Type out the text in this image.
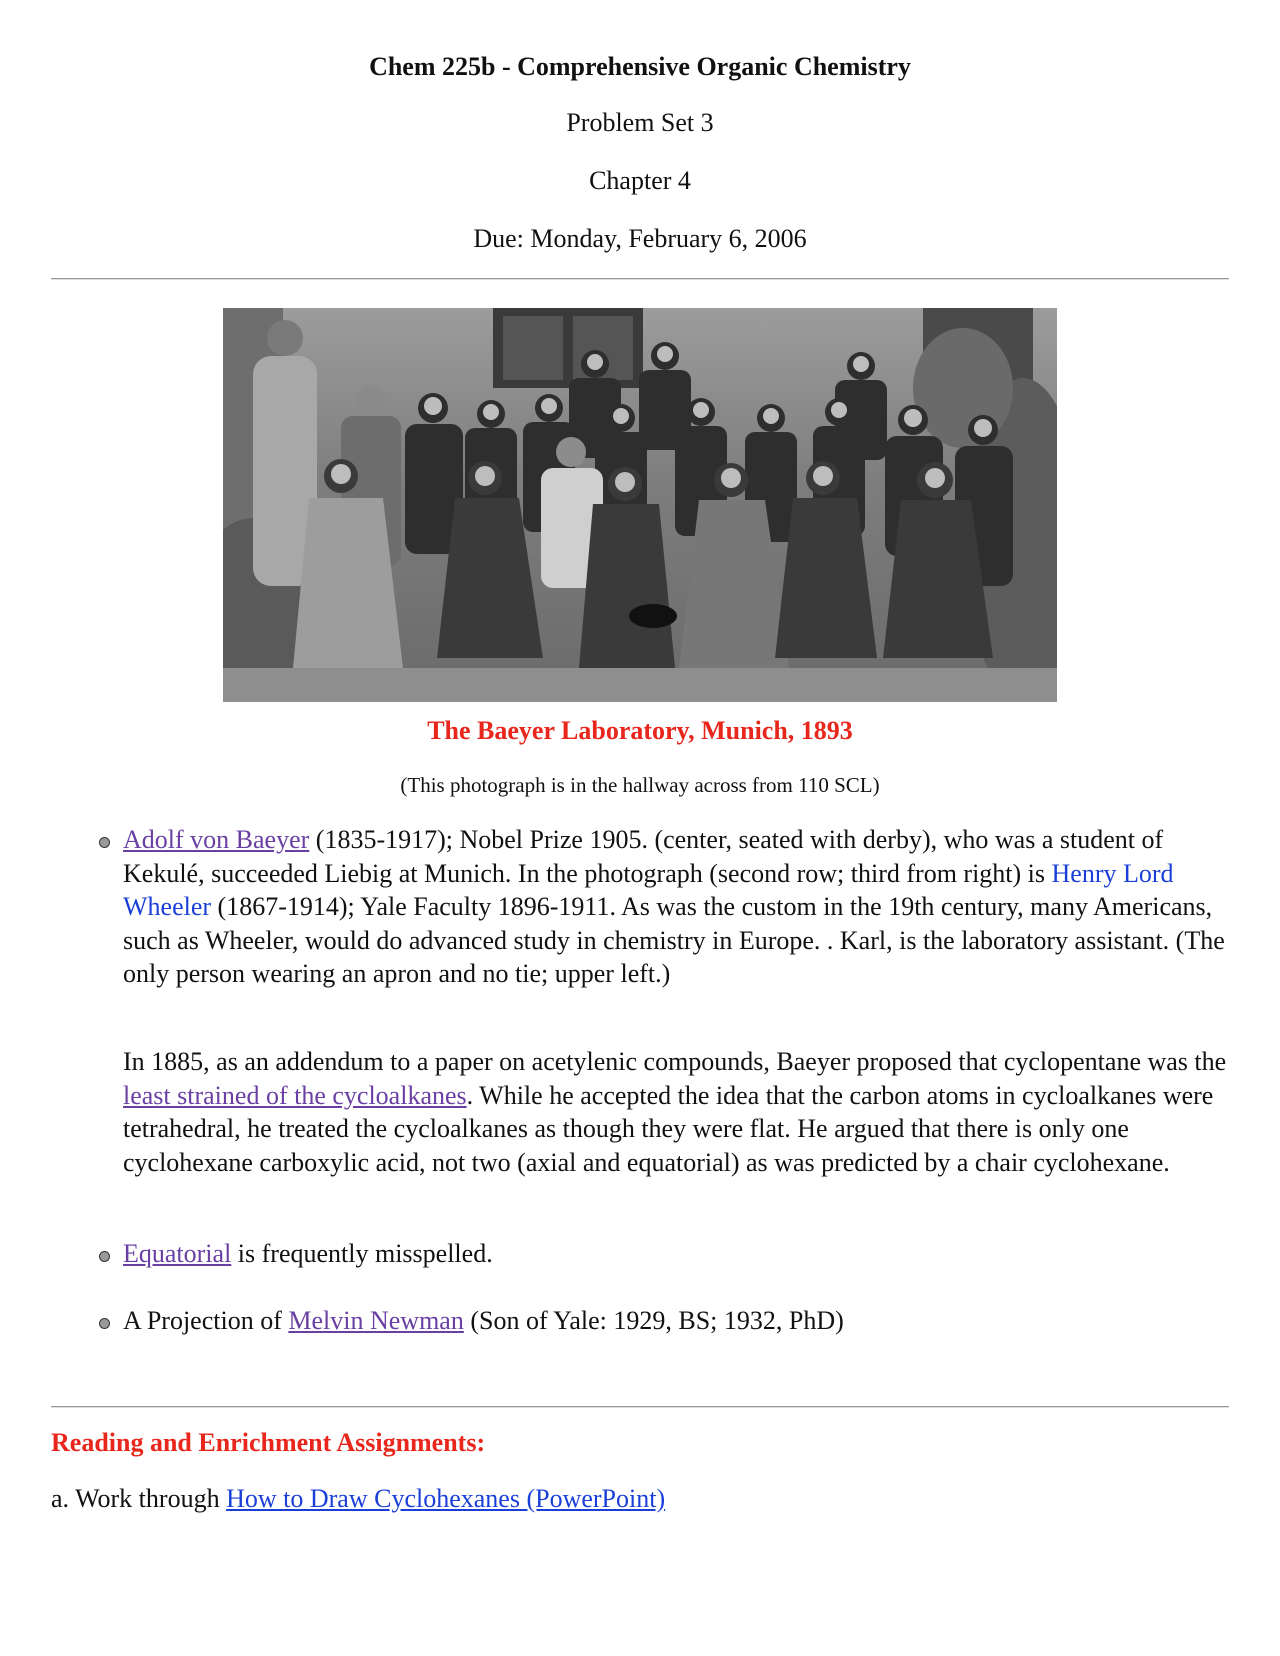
Chem 225b - Comprehensive Organic Chemistry
Problem Set 3
Chapter 4
Due: Monday, February 6, 2006
The Baeyer Laboratory, Munich, 1893
(This photograph is in the hallway across from 110 SCL)
Adolf von Baeyer (1835-1917); Nobel Prize 1905. (center, seated with derby), who was a student of Kekulé, succeeded Liebig at Munich. In the photograph (second row; third from right) is Henry Lord Wheeler (1867-1914); Yale Faculty 1896-1911. As was the custom in the 19th century, many Americans, such as Wheeler, would do advanced study in chemistry in Europe. . Karl, is the laboratory assistant. (The only person wearing an apron and no tie; upper left.)
In 1885, as an addendum to a paper on acetylenic compounds, Baeyer proposed that cyclopentane was the least strained of the cycloalkanes. While he accepted the idea that the carbon atoms in cycloalkanes were tetrahedral, he treated the cycloalkanes as though they were flat. He argued that there is only one cyclohexane carboxylic acid, not two (axial and equatorial) as was predicted by a chair cyclohexane.
Equatorial is frequently misspelled.
A Projection of Melvin Newman (Son of Yale: 1929, BS; 1932, PhD)
Reading and Enrichment Assignments:
a. Work through How to Draw Cyclohexanes (PowerPoint)
